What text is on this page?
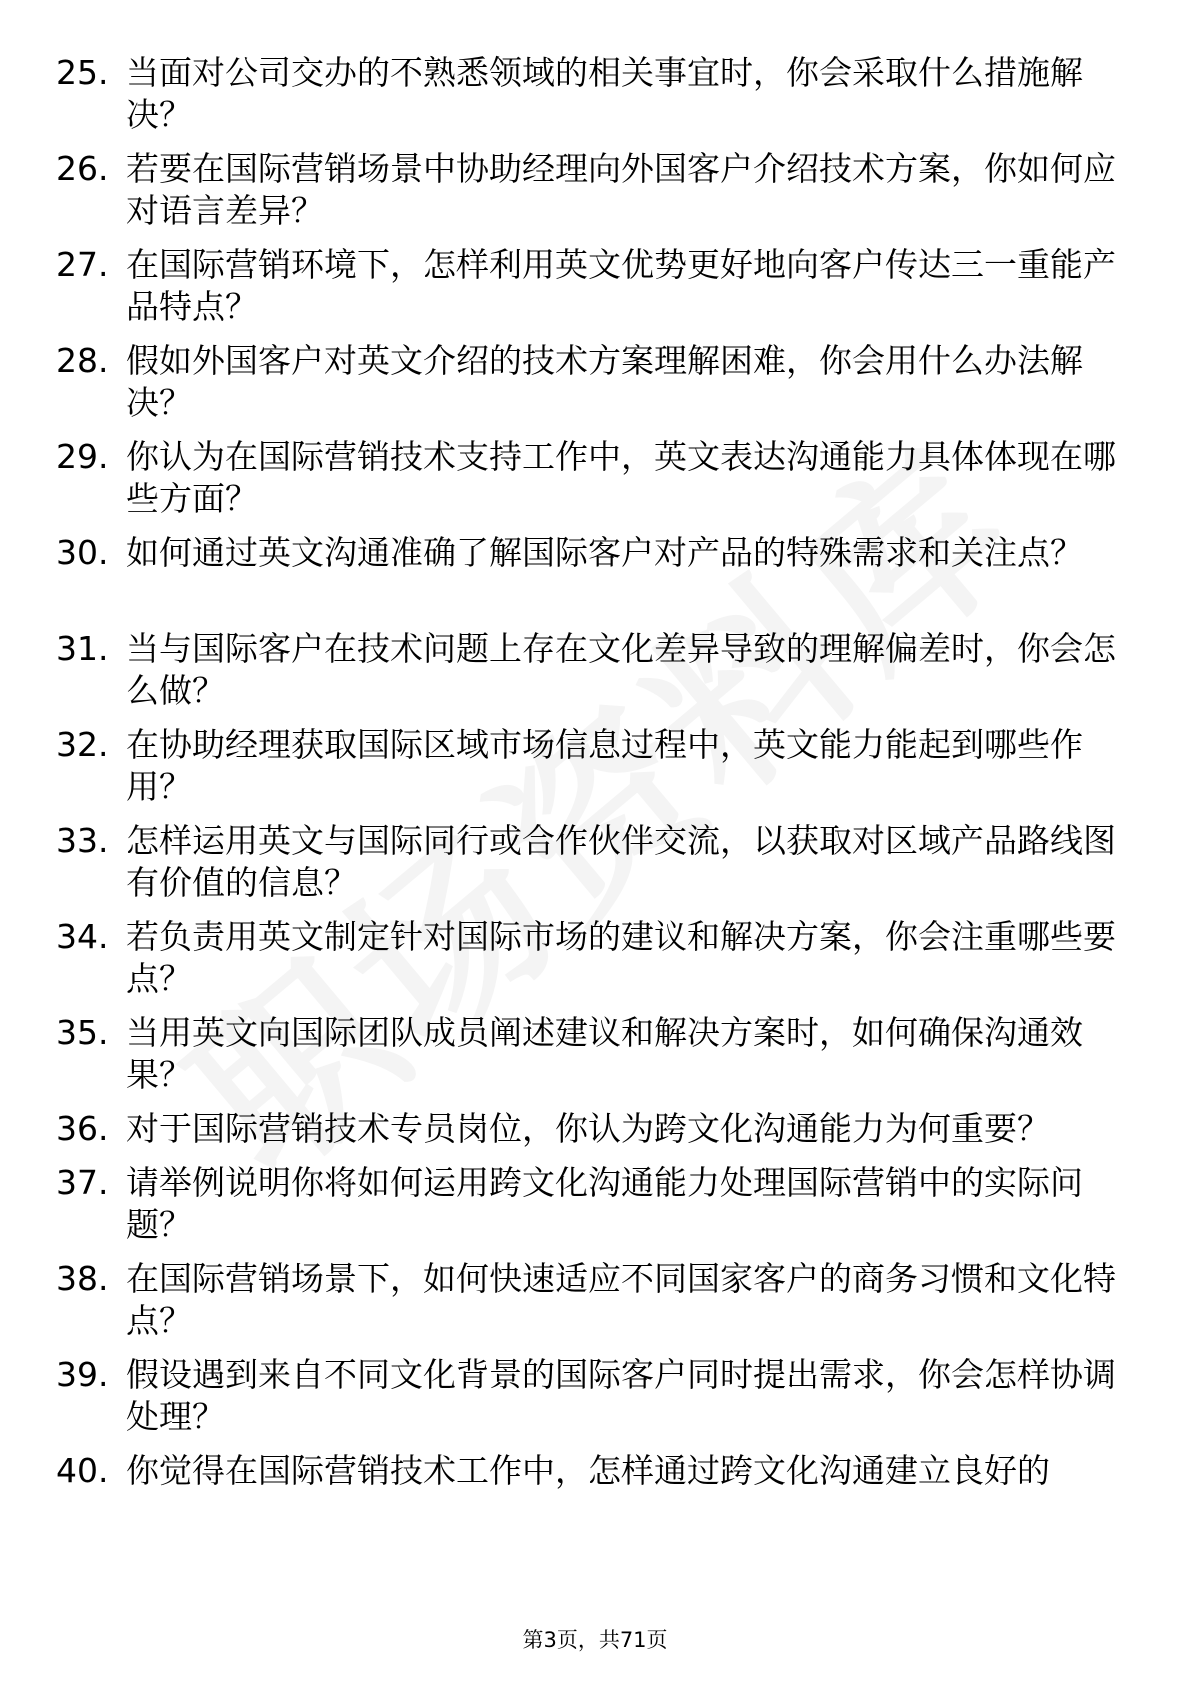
25. 当面对公司交办的不熟悉领域的相关事宜时，你会采取什么措施解决？
26. 若要在国际营销场景中协助经理向外国客户介绍技术方案，你如何应对语言差异？
27. 在国际营销环境下，怎样利用英文优势更好地向客户传达三一重能产品特点？
28. 假如外国客户对英文介绍的技术方案理解困难，你会用什么办法解决？
29. 你认为在国际营销技术支持工作中，英文表达沟通能力具体体现在哪些方面？
30. 如何通过英文沟通准确了解国际客户对产品的特殊需求和关注点？
31. 当与国际客户在技术问题上存在文化差异导致的理解偏差时，你会怎么做？
32. 在协助经理获取国际区域市场信息过程中，英文能力能起到哪些作用？
33. 怎样运用英文与国际同行或合作伙伴交流，以获取对区域产品路线图有价值的信息？
34. 若负责用英文制定针对国际市场的建议和解决方案，你会注重哪些要点？
35. 当用英文向国际团队成员阐述建议和解决方案时，如何确保沟通效果？
36. 对于国际营销技术专员岗位，你认为跨文化沟通能力为何重要？
37. 请举例说明你将如何运用跨文化沟通能力处理国际营销中的实际问题？
38. 在国际营销场景下，如何快速适应不同国家客户的商务习惯和文化特点？
39. 假设遇到来自不同文化背景的国际客户同时提出需求，你会怎样协调处理？
40. 你觉得在国际营销技术工作中，怎样通过跨文化沟通建立良好的
第3页，共71页
